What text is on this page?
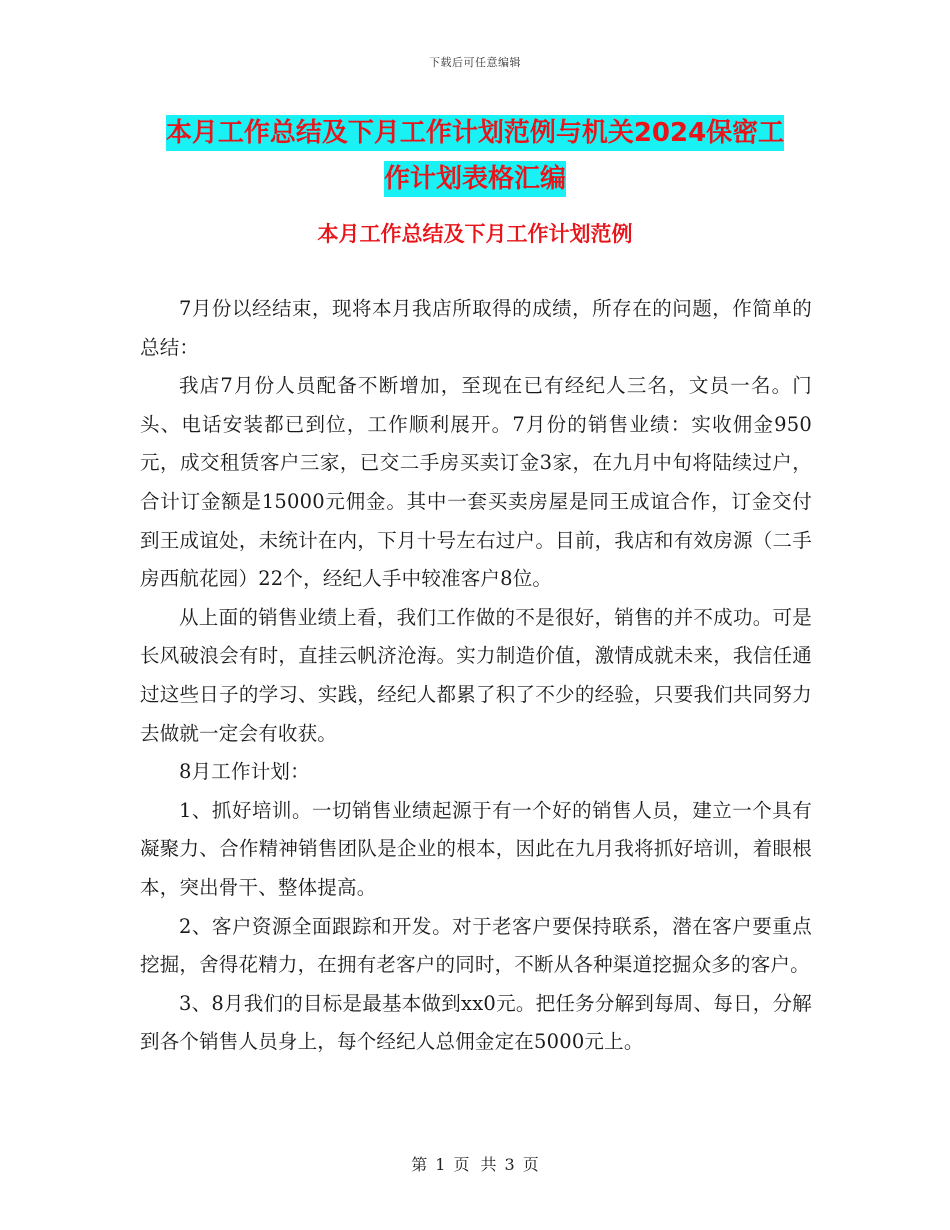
下载后可任意编辑
本月工作总结及下月工作计划范例与机关2024保密工
作计划表格汇编
本月工作总结及下月工作计划范例

7月份以经结束，现将本月我店所取得的成绩，所存在的问题，作简单的总结：

我店7月份人员配备不断增加，至现在已有经纪人三名，文员一名。门头、电话安装都已到位，工作顺利展开。7月份的销售业绩：实收佣金950元，成交租赁客户三家，已交二手房买卖订金3家，在九月中旬将陆续过户，合计订金额是15000元佣金。其中一套买卖房屋是同王成谊合作，订金交付到王成谊处，未统计在内，下月十号左右过户。目前，我店和有效房源（二手房西航花园）22个，经纪人手中较准客户8位。

从上面的销售业绩上看，我们工作做的不是很好，销售的并不成功。可是长风破浪会有时，直挂云帆济沧海。实力制造价值，激情成就未来，我信任通过这些日子的学习、实践，经纪人都累了积了不少的经验，只要我们共同努力去做就一定会有收获。

8月工作计划：

1、抓好培训。一切销售业绩起源于有一个好的销售人员，建立一个具有凝聚力、合作精神销售团队是企业的根本，因此在九月我将抓好培训，着眼根本，突出骨干、整体提高。

2、客户资源全面跟踪和开发。对于老客户要保持联系，潜在客户要重点挖掘，舍得花精力，在拥有老客户的同时，不断从各种渠道挖掘众多的客户。

3、8月我们的目标是最基本做到xx0元。把任务分解到每周、每日，分解到各个销售人员身上，每个经纪人总佣金定在5000元上。

第 1 页 共 3 页
